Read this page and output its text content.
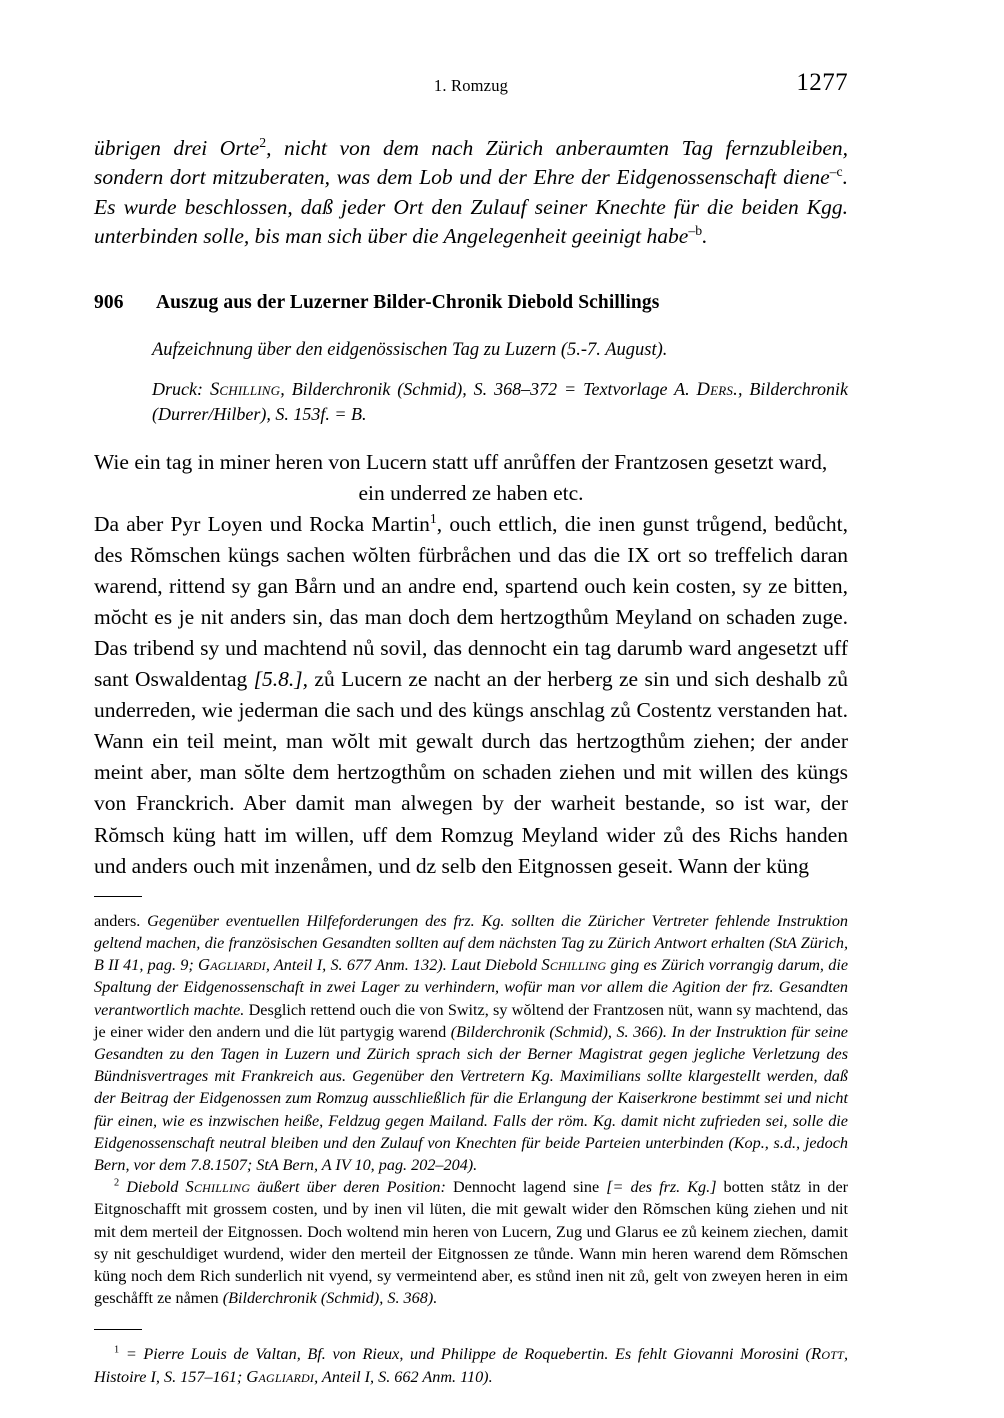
1. Romzug	1277

übrigen drei Orte$^2$, nicht von dem nach Zürich anberaumten Tag fernzubleiben, sondern dort mitzuberaten, was dem Lob und der Ehre der Eidgenossenschaft diene$^{-c}$. Es wurde beschlossen, daß jeder Ort den Zulauf seiner Knechte für die beiden Kgg. unterbinden solle, bis man sich über die Angelegenheit geeinigt habe$^{-b}$.

906 Auszug aus der Luzerner Bilder-Chronik Diebold Schillings

Aufzeichnung über den eidgenössischen Tag zu Luzern (5.-7. August).

Druck: Schilling, Bilderchronik (Schmid), S. 368–372 = Textvorlage A. Ders., Bilderchronik (Durrer/Hilber), S. 153f. = B.

Wie ein tag in miner heren von Lucern statt uff anrůffen der Frantzosen gesetzt ward,
ein underred ze haben etc.

Da aber Pyr Loyen und Rocka Martin$^1$, ouch ettlich, die inen gunst trůgend, bedůcht, des Rŏmschen küngs sachen wŏlten fürbråchen und das die IX ort so treffelich daran warend, rittend sy gan Bårn und an andre end, spartend ouch kein costen, sy ze bitten, mŏcht es je nit anders sin, das man doch dem hertzogthům Meyland on schaden zuge. Das tribend sy und machtend nů sovil, das dennocht ein tag darumb ward angesetzt uff sant Oswaldentag [5.8.], zů Lucern ze nacht an der herberg ze sin und sich deshalb zů underreden, wie jederman die sach und des küngs anschlag zů Costentz verstanden hat. Wann ein teil meint, man wŏlt mit gewalt durch das hertzogthům ziehen; der ander meint aber, man sŏlte dem hertzogthům on schaden ziehen und mit willen des küngs von Franckrich. Aber damit man alwegen by der warheit bestande, so ist war, der Rŏmsch küng hatt im willen, uff dem Romzug Meyland wider zů des Richs handen und anders ouch mit inzenåmen, und dz selb den Eitgnossen geseit. Wann der küng

anders. Gegenüber eventuellen Hilfeforderungen des frz. Kg. sollten die Züricher Vertreter fehlende Instruktion geltend machen, die französischen Gesandten sollten auf dem nächsten Tag zu Zürich Antwort erhalten (StA Zürich, B II 41, pag. 9; Gagliardi, Anteil I, S. 677 Anm. 132). Laut Diebold Schilling ging es Zürich vorrangig darum, die Spaltung der Eidgenossenschaft in zwei Lager zu verhindern, wofür man vor allem die Agition der frz. Gesandten verantwortlich machte. Desglich rettend ouch die von Switz, sy wŏltend der Frantzosen nüt, wann sy machtend, das je einer wider den andern und die lüt partygig warend (Bilderchronik (Schmid), S. 366). In der Instruktion für seine Gesandten zu den Tagen in Luzern und Zürich sprach sich der Berner Magistrat gegen jegliche Verletzung des Bündnisvertrages mit Frankreich aus. Gegenüber den Vertretern Kg. Maximilians sollte klargestellt werden, daß der Beitrag der Eidgenossen zum Romzug ausschließlich für die Erlangung der Kaiserkrone bestimmt sei und nicht für einen, wie es inzwischen heiße, Feldzug gegen Mailand. Falls der röm. Kg. damit nicht zufrieden sei, solle die Eidgenossenschaft neutral bleiben und den Zulauf von Knechten für beide Parteien unterbinden (Kop., s.d., jedoch Bern, vor dem 7.8.1507; StA Bern, A IV 10, pag. 202–204).

$^2$ Diebold Schilling äußert über deren Position: Dennocht lagend sine [= des frz. Kg.] botten ståtz in der Eitgnoschafft mit grossem costen, und by inen vil lüten, die mit gewalt wider den Rŏmschen küng ziehen und nit mit dem merteil der Eitgnossen. Doch woltend min heren von Lucern, Zug und Glarus ee zů keinem ziechen, damit sy nit geschuldiget wurdend, wider den merteil der Eitgnossen ze tůnde. Wann min heren warend dem Rŏmschen küng noch dem Rich sunderlich nit vyend, sy vermeintend aber, es stůnd inen nit zů, gelt von zweyen heren in eim geschåfft ze nåmen (Bilderchronik (Schmid), S. 368).

$^1$ = Pierre Louis de Valtan, Bf. von Rieux, und Philippe de Roquebertin. Es fehlt Giovanni Morosini (Rott, Histoire I, S. 157–161; Gagliardi, Anteil I, S. 662 Anm. 110).
